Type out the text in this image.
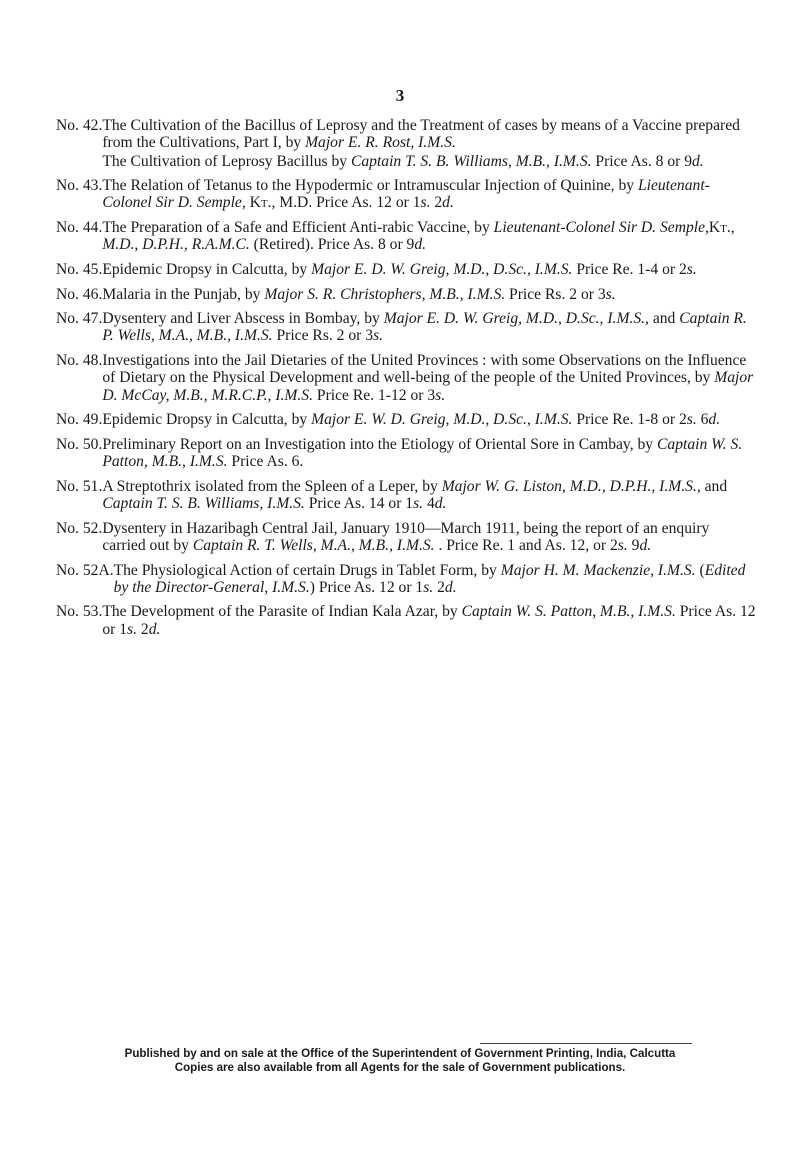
3
No. 42. The Cultivation of the Bacillus of Leprosy and the Treatment of cases by means of a Vaccine prepared from the Cultivations, Part I, by Major E. R. Rost, I.M.S.

The Cultivation of Leprosy Bacillus by Captain T. S. B. Williams, M.B., I.M.S. Price As. 8 or 9d.

No. 43. The Relation of Tetanus to the Hypodermic or Intramuscular Injection of Quinine, by Lieutenant-Colonel Sir D. Semple, Kt., M.D. Price As. 12 or 1s. 2d.

No. 44. The Preparation of a Safe and Efficient Anti-rabic Vaccine, by Lieutenant-Colonel Sir D. Semple,Kt., M.D., D.P.H., R.A.M.C. (Retired). Price As. 8 or 9d.

No. 45. Epidemic Dropsy in Calcutta, by Major E. D. W. Greig, M.D., D.Sc., I.M.S. Price Re. 1-4 or 2s.

No. 46. Malaria in the Punjab, by Major S. R. Christophers, M.B., I.M.S. Price Rs. 2 or 3s.

No. 47. Dysentery and Liver Abscess in Bombay, by Major E. D. W. Greig, M.D., D.Sc., I.M.S., and Captain R. P. Wells, M.A., M.B., I.M.S. Price Rs. 2 or 3s.

No. 48. Investigations into the Jail Dietaries of the United Provinces : with some Observations on the Influence of Dietary on the Physical Development and well-being of the people of the United Provinces, by Major D. McCay, M.B., M.R.C.P., I.M.S. Price Re. 1-12 or 3s.

No. 49. Epidemic Dropsy in Calcutta, by Major E. W. D. Greig, M.D., D.Sc., I.M.S. Price Re. 1-8 or 2s. 6d.

No. 50. Preliminary Report on an Investigation into the Etiology of Oriental Sore in Cambay, by Captain W. S. Patton, M.B., I.M.S. Price As. 6.

No. 51. A Streptothrix isolated from the Spleen of a Leper, by Major W. G. Liston, M.D., D.P.H., I.M.S., and Captain T. S. B. Williams, I.M.S. Price As. 14 or 1s. 4d.

No. 52. Dysentery in Hazaribagh Central Jail, January 1910—March 1911, being the report of an enquiry carried out by Captain R. T. Wells, M.A., M.B., I.M.S. . Price Re. 1 and As. 12, or 2s. 9d.

No. 52A. The Physiological Action of certain Drugs in Tablet Form, by Major H. M. Mackenzie, I.M.S. (Edited by the Director-General, I.M.S.) Price As. 12 or 1s. 2d.

No. 53. The Development of the Parasite of Indian Kala Azar, by Captain W. S. Patton, M.B., I.M.S. Price As. 12 or 1s. 2d.

Published by and on sale at the Office of the Superintendent of Government Printing, India, Calcutta
Copies are also available from all Agents for the sale of Government publications.
